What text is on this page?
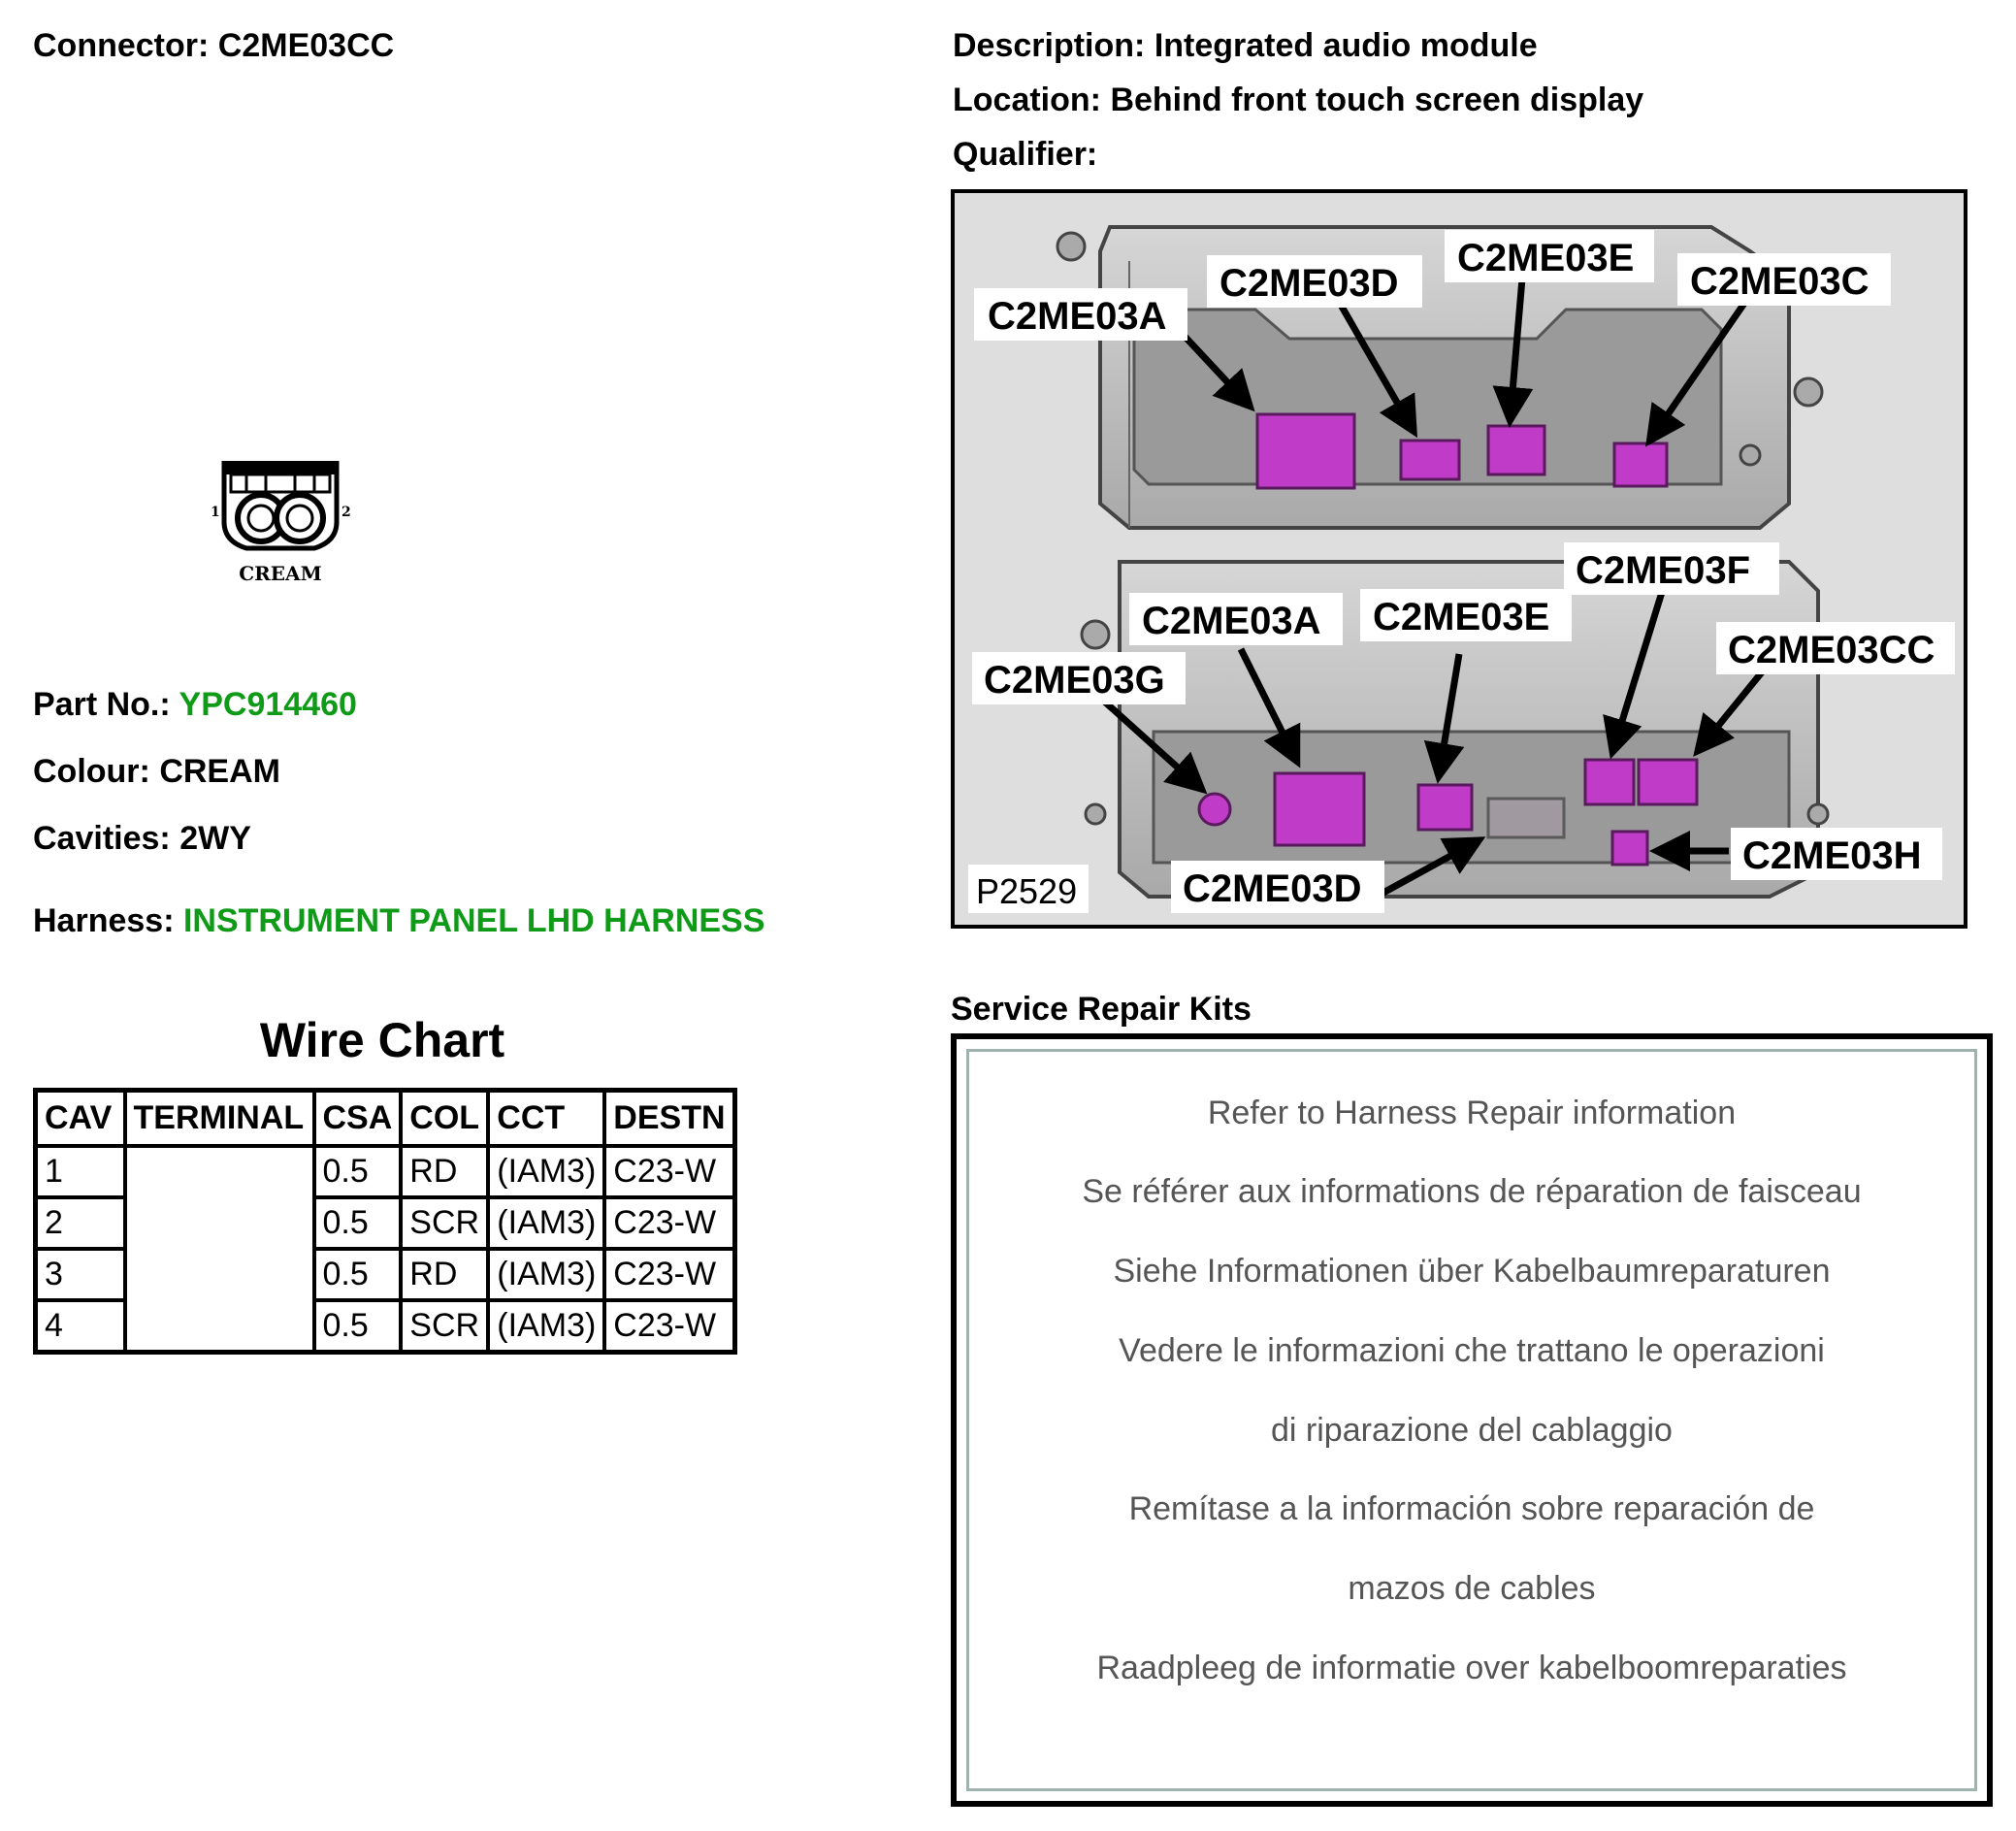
Connector: C2ME03CC	Description: Integrated audio module
Location: Behind front touch screen display
Qualifier:
1	2
CREAM
Part No.: YPC914460
Colour: CREAM
Cavities: 2WY
Harness: INSTRUMENT PANEL LHD HARNESS
Wire Chart
CAV	TERMINAL	CSA	COL	CCT	DESTN
1		0.5	RD	(IAM3)	C23-W
2		0.5	SCR	(IAM3)	C23-W
3		0.5	RD	(IAM3)	C23-W
4		0.5	SCR	(IAM3)	C23-W
C2ME03A
C2ME03D
C2ME03E
C2ME03C
C2ME03F
C2ME03A C2ME03E
C2ME03CC
C2ME03G
C2ME03H
C2ME03D
P2529
Service Repair Kits
Refer to Harness Repair information
Se référer aux informations de réparation de faisceau
Siehe Informationen über Kabelbaumreparaturen
Vedere le informazioni che trattano le operazioni
di riparazione del cablaggio
Remítase a la información sobre reparación de
mazos de cables
Raadpleeg de informatie over kabelboomreparaties
